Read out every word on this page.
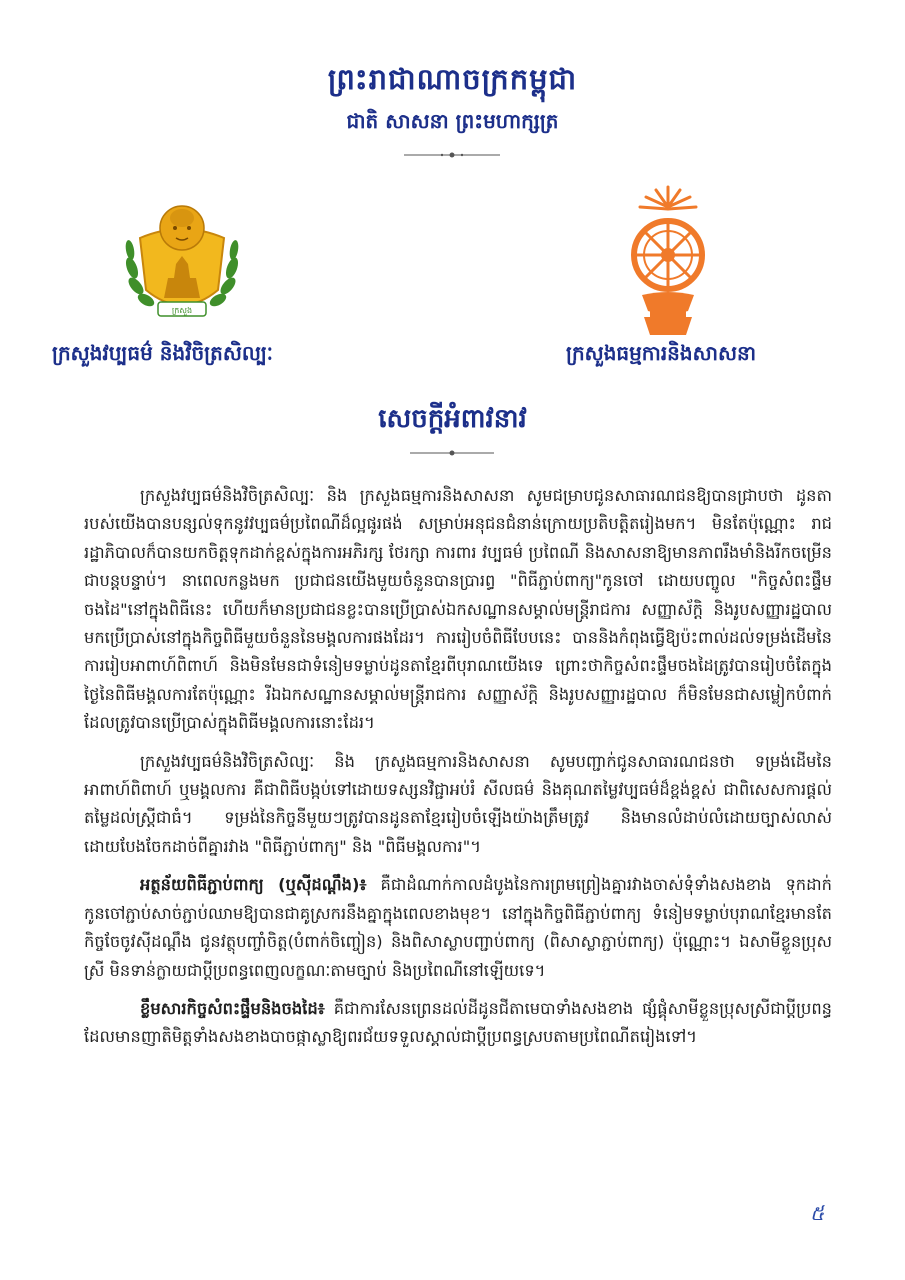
ព្រះរាជាណាចក្រកម្ពុជា
ជាតិ សាសនា ព្រះមហាក្សត្រ
ក្រសួង
ក្រសួងវប្បធម៌ និងវិចិត្រសិល្បៈ	ក្រសួងធម្មការនិងសាសនា
សេចក្ដីអំពាវនាវ

ក្រសួងវប្បធម៌និងវិចិត្រសិល្បៈ និង ក្រសួងធម្មការនិងសាសនា សូមជម្រាបជូនសាធារណជនឱ្យបានជ្រាបថា ដូនតារបស់យើងបានបន្សល់ទុកនូវវប្បធម៌ប្រពៃណីដ៏ល្អផូរផង់ សម្រាប់អនុជនជំនាន់ក្រោយប្រតិបត្តិតរៀងមក។ មិនតែប៉ុណ្ណោះ រាជរដ្ឋាភិបាលក៏បានយកចិត្តទុកដាក់ខ្ពស់ក្នុងការអភិរក្ស ថែរក្សា ការពារ វប្បធម៌ ប្រពៃណី និងសាសនាឱ្យមានភាពរឹងមាំនិងរីកចម្រើនជាបន្តបន្ទាប់។ នាពេលកន្លងមក ប្រជាជនយើងមួយចំនួនបានប្រារព្ធ "ពិធីភ្ជាប់ពាក្យ"កូនចៅ ដោយបញ្ចូល "កិច្ចសំពះផ្ទឹមចងដៃ"នៅក្នុងពិធីនេះ ហើយក៏មានប្រជាជនខ្លះបានប្រើប្រាស់ឯកសណ្ឋានសម្គាល់មន្ត្រីរាជការ សញ្ញាស័ក្តិ និងរូបសញ្ញារដ្ឋបាល មកប្រើប្រាស់នៅក្នុងកិច្ចពិធីមួយចំនួននៃមង្គលការផងដែរ។ ការរៀបចំពិធីបែបនេះ បាននិងកំពុងធ្វើឱ្យប៉ះពាល់ដល់ទម្រង់ដើមនៃការរៀបអាពាហ៍ពិពាហ៍ និងមិនមែនជាទំនៀមទម្លាប់ដូនតាខ្មែរពីបុរាណយើងទេ ព្រោះថាកិច្ចសំពះផ្ទឹមចងដៃត្រូវបានរៀបចំតែក្នុងថ្ងៃនៃពិធីមង្គលការតែប៉ុណ្ណោះ រីឯឯកសណ្ឋានសម្គាល់មន្ត្រីរាជការ សញ្ញាស័ក្តិ និងរូបសញ្ញារដ្ឋបាល ក៏មិនមែនជាសម្លៀកបំពាក់ដែលត្រូវបានប្រើប្រាស់ក្នុងពិធីមង្គលការនោះដែរ។

ក្រសួងវប្បធម៌និងវិចិត្រសិល្បៈ និង ក្រសួងធម្មការនិងសាសនា សូមបញ្ជាក់ជូនសាធារណជនថា ទម្រង់ដើមនៃអាពាហ៍ពិពាហ៍ ឬមង្គលការ គឺជាពិធីបង្កប់ទៅដោយទស្សនវិជ្ជាអប់រំ សីលធម៌ និងគុណតម្លៃវប្បធម៌ដ៏ខ្ពង់ខ្ពស់ ជាពិសេសការផ្ដល់តម្លៃដល់ស្ត្រីជាធំ។ ទម្រង់នៃកិច្ចនីមួយៗត្រូវបានដូនតាខ្មែររៀបចំឡើងយ៉ាងត្រឹមត្រូវ និងមានលំដាប់លំដោយច្បាស់លាស់ ដោយបែងចែកដាច់ពីគ្នារវាង "ពិធីភ្ជាប់ពាក្យ" និង "ពិធីមង្គលការ"។

អត្ថន័យពិធីភ្ជាប់ពាក្យ (ឬស៊ីដណ្ដឹង)៖ គឺជាដំណាក់កាលដំបូងនៃការព្រមព្រៀងគ្នារវាងចាស់ទុំទាំងសងខាង ទុកដាក់កូនចៅភ្ជាប់សាច់ភ្ជាប់ឈាមឱ្យបានជាគូស្រករនឹងគ្នាក្នុងពេលខាងមុខ។ នៅក្នុងកិច្ចពិធីភ្ជាប់ពាក្យ ទំនៀមទម្លាប់បុរាណខ្មែរមានតែកិច្ចចែចូវស៊ីដណ្ដឹង ជូនវត្ថុបញ្ចាំចិត្ត(បំពាក់ចិញ្ចៀន) និងពិសាស្លាបញ្ជាប់ពាក្យ (ពិសាស្លាភ្ជាប់ពាក្យ) ប៉ុណ្ណោះ។ ឯសាមីខ្លួនប្រុសស្រី មិនទាន់ក្លាយជាប្ដីប្រពន្ធពេញលក្ខណៈតាមច្បាប់ និងប្រពៃណីនៅឡើយទេ។

ខ្លឹមសារកិច្ចសំពះផ្ទឹមនិងចងដៃ៖ គឺជាការសែនព្រេនដល់ដីដូនជីតាមេបាទាំងសងខាង ផ្សំផ្គុំសាមីខ្លួនប្រុសស្រីជាប្ដីប្រពន្ធ ដែលមានញាតិមិត្តទាំងសងខាងបាចផ្កាស្លាឱ្យពរជ័យទទួលស្គាល់ជាប្ដីប្រពន្ធស្របតាមប្រពៃណីតរៀងទៅ។

៥
